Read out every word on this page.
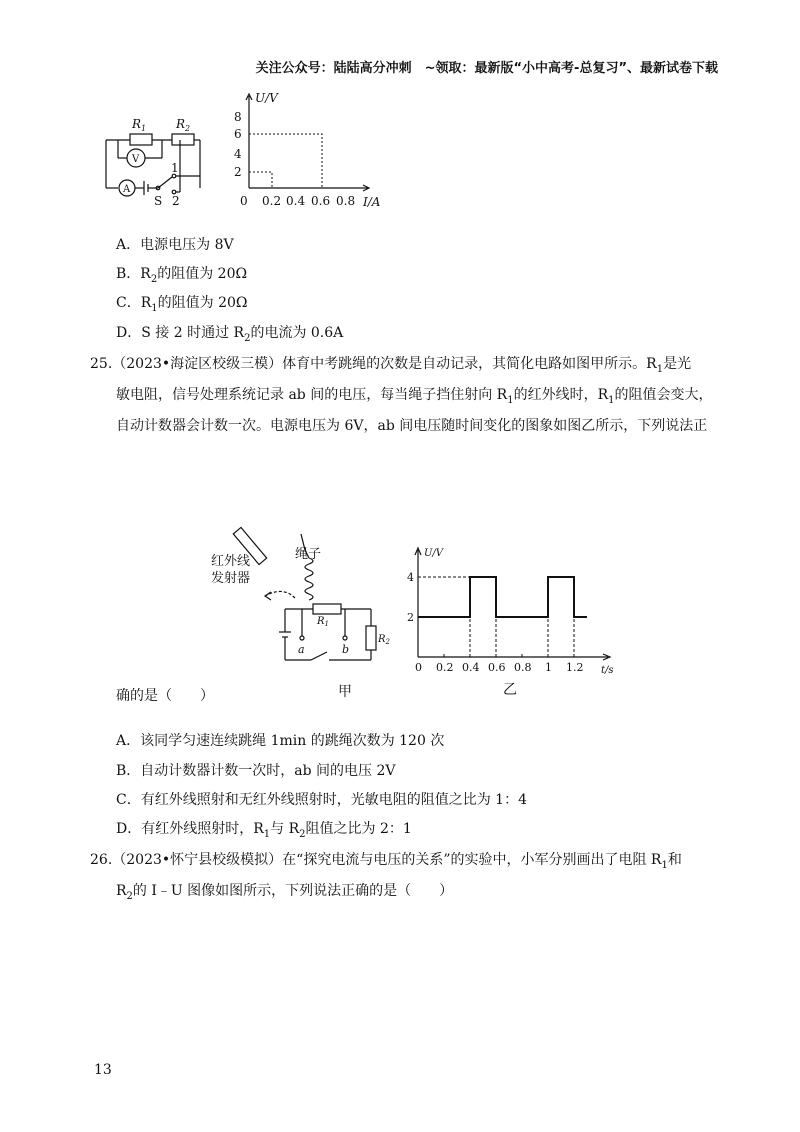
关注公众号：陆陆高分冲刺　~领取：最新版“小中高考-总复习”、最新试卷下载
$R_1$ $R_2$
V
A
S
1
2
U/V
I/A
8
6
4
2
0 0.2 0.4 0.6 0.8
A．电源电压为 8V
B．$R_2$的阻值为 20Ω
C．$R_1$的阻值为 20Ω
D．S 接 2 时通过 $R_2$的电流为 0.6A
25.（2023•海淀区校级三模）体育中考跳绳的次数是自动记录，其简化电路如图甲所示。$R_1$是光
敏电阻，信号处理系统记录 ab 间的电压，每当绳子挡住射向 $R_1$的红外线时，$R_1$的阻值会变大，
自动计数器会计数一次。电源电压为 6V，ab 间电压随时间变化的图象如图乙所示，下列说法正
红外线
发射器
绳子
$R_1$
$R_2$
a	b
甲
0 0.2 0.4 0.6 0.8 1 1.2
4
2
U/V
t/s
乙
确的是（　　）
A．该同学匀速连续跳绳 1min 的跳绳次数为 120 次
B．自动计数器计数一次时，ab 间的电压 2V
C．有红外线照射和无红外线照射时，光敏电阻的阻值之比为 1：4
D．有红外线照射时，$R_1$与 $R_2$阻值之比为 2：1
26.（2023•怀宁县校级模拟）在“探究电流与电压的关系”的实验中，小军分别画出了电阻 $R_1$和
$R_2$的 I﹣U 图像如图所示，下列说法正确的是（　　）
13
